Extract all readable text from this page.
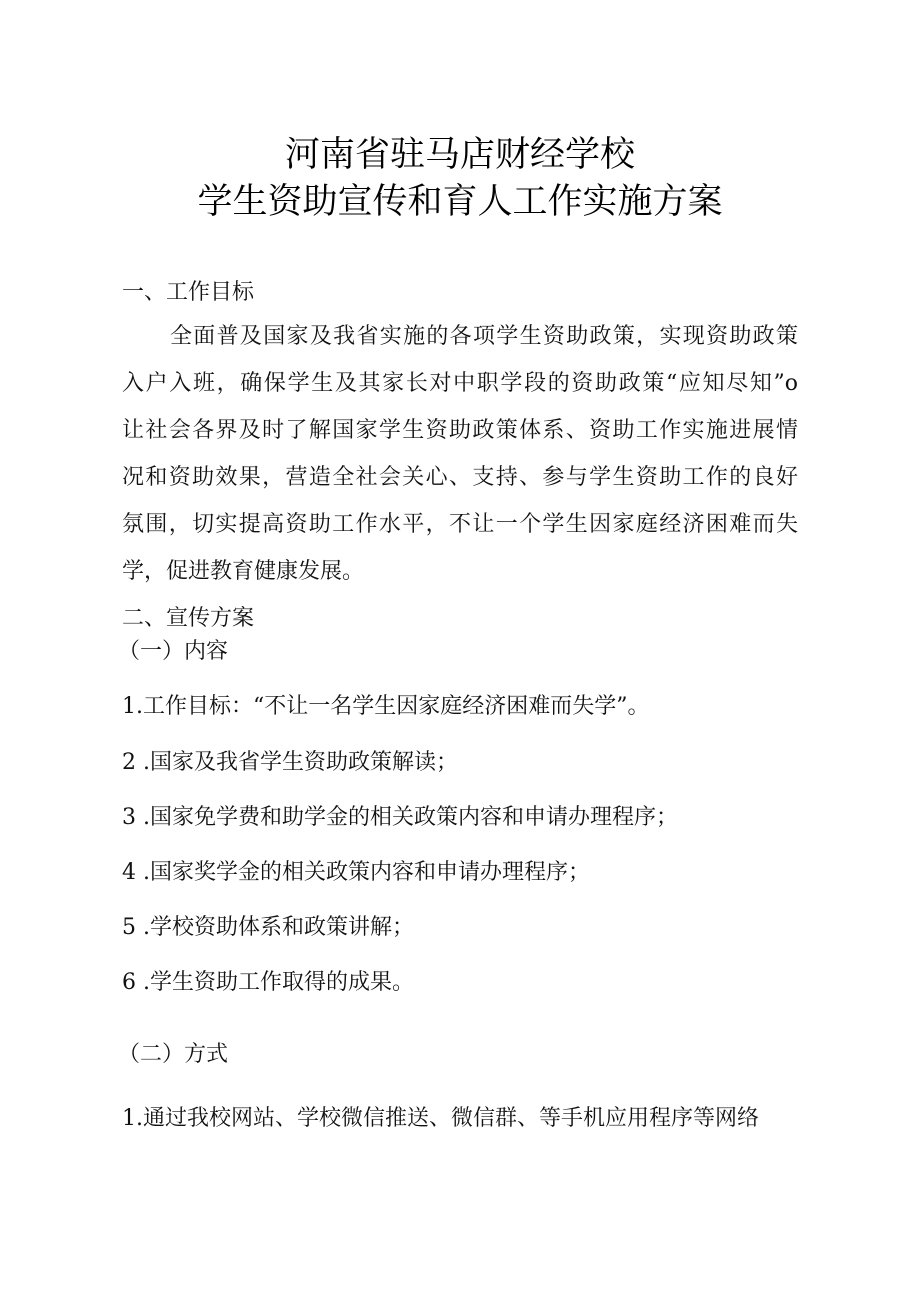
河南省驻马店财经学校
学生资助宣传和育人工作实施方案
一、工作目标
全面普及国家及我省实施的各项学生资助政策，实现资助政策
入户入班，确保学生及其家长对中职学段的资助政策“应知尽知”o
让社会各界及时了解国家学生资助政策体系、资助工作实施进展情
况和资助效果，营造全社会关心、支持、参与学生资助工作的良好
氛围，切实提高资助工作水平，不让一个学生因家庭经济困难而失
学，促进教育健康发展。
二、宣传方案
（一）内容
1.工作目标：“不让一名学生因家庭经济困难而失学”。
2 .国家及我省学生资助政策解读；
3 .国家免学费和助学金的相关政策内容和申请办理程序；
4 .国家奖学金的相关政策内容和申请办理程序；
5 .学校资助体系和政策讲解；
6 .学生资助工作取得的成果。
（二）方式
1.通过我校网站、学校微信推送、微信群、等手机应用程序等网络
